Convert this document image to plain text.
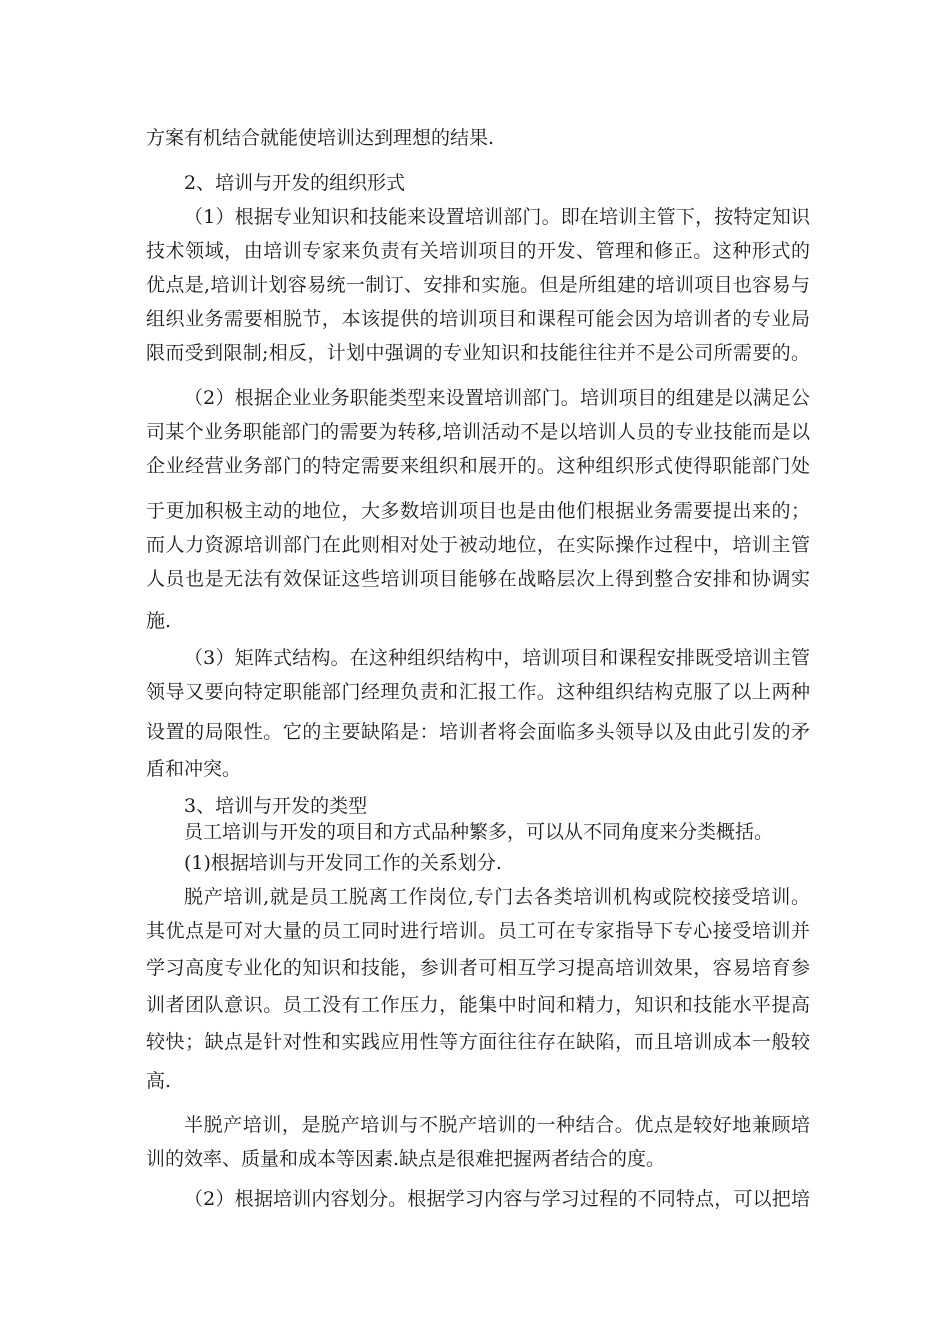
方案有机结合就能使培训达到理想的结果.
2、培训与开发的组织形式
（1）根据专业知识和技能来设置培训部门。即在培训主管下，按特定知识
技术领域，由培训专家来负责有关培训项目的开发、管理和修正。这种形式的
优点是,培训计划容易统一制订、安排和实施。但是所组建的培训项目也容易与
组织业务需要相脱节，本该提供的培训项目和课程可能会因为培训者的专业局
限而受到限制;相反，计划中强调的专业知识和技能往往并不是公司所需要的。
（2）根据企业业务职能类型来设置培训部门。培训项目的组建是以满足公
司某个业务职能部门的需要为转移,培训活动不是以培训人员的专业技能而是以
企业经营业务部门的特定需要来组织和展开的。这种组织形式使得职能部门处
于更加积极主动的地位，大多数培训项目也是由他们根据业务需要提出来的；
而人力资源培训部门在此则相对处于被动地位，在实际操作过程中，培训主管
人员也是无法有效保证这些培训项目能够在战略层次上得到整合安排和协调实
施.
（3）矩阵式结构。在这种组织结构中，培训项目和课程安排既受培训主管
领导又要向特定职能部门经理负责和汇报工作。这种组织结构克服了以上两种
设置的局限性。它的主要缺陷是：培训者将会面临多头领导以及由此引发的矛
盾和冲突。
3、培训与开发的类型
员工培训与开发的项目和方式品种繁多，可以从不同角度来分类概括。
(1)根据培训与开发同工作的关系划分.
脱产培训,就是员工脱离工作岗位,专门去各类培训机构或院校接受培训。
其优点是可对大量的员工同时进行培训。员工可在专家指导下专心接受培训并
学习高度专业化的知识和技能，参训者可相互学习提高培训效果，容易培育参
训者团队意识。员工没有工作压力，能集中时间和精力，知识和技能水平提高
较快；缺点是针对性和实践应用性等方面往往存在缺陷，而且培训成本一般较
高.
半脱产培训，是脱产培训与不脱产培训的一种结合。优点是较好地兼顾培
训的效率、质量和成本等因素.缺点是很难把握两者结合的度。
（2）根据培训内容划分。根据学习内容与学习过程的不同特点，可以把培
